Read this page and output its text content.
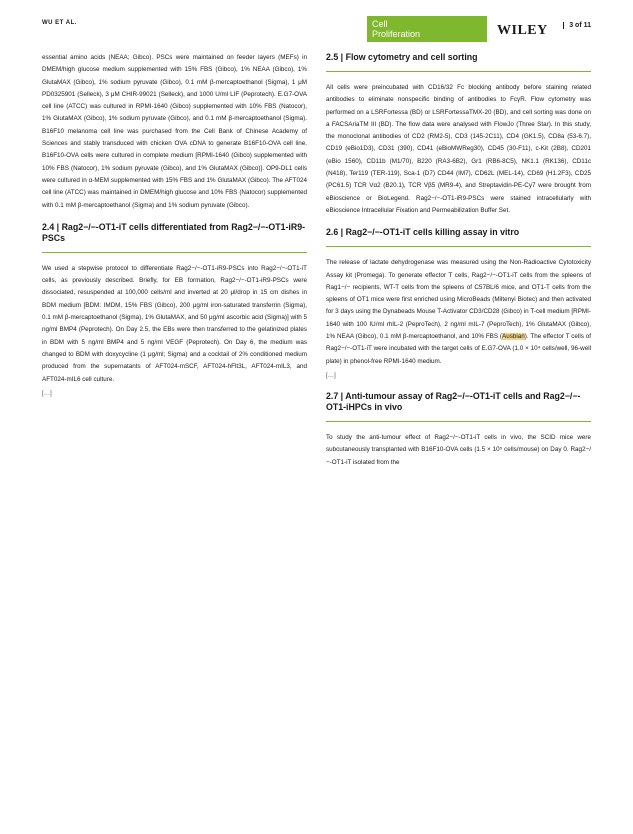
WU ET AL.	Cell
Proliferation	WILEY	3 of 11

essential amino acids (NEAA; Gibco). PSCs were maintained on feeder layers (MEFs) in DMEM/high glucose medium supplemented with 15% FBS (Gibco), 1% NEAA (Gibco), 1% GlutaMAX (Gibco), 1% sodium pyruvate (Gibco), 0.1 mM β-mercaptoethanol (Sigma), 1 μM PD0325901 (Selleck), 3 μM CHIR-99021 (Selleck), and 1000 U/ml LIF (Peprotech). E.G7-OVA cell line (ATCC) was cultured in RPMI-1640 (Gibco) supplemented with 10% FBS (Natocor), 1% GlutaMAX (Gibco), 1% sodium pyruvate (Gibco), and 0.1 mM β-mercaptoethanol (Sigma). B16F10 melanoma cell line was purchased from the Cell Bank of Chinese Academy of Sciences and stably transduced with chicken OVA cDNA to generate B16F10-OVA cell line. B16F10-OVA cells were cultured in complete medium [RPMI-1640 (Gibco) supplemented with 10% FBS (Natocor), 1% sodium pyruvate (Gibco), and 1% GlutaMAX (Gibco)]. OP9-DL1 cells were cultured in α-MEM supplemented with 15% FBS and 1% GlutaMAX (Gibco). The AFT024 cell line (ATCC) was maintained in DMEM/high glucose and 10% FBS (Natocor) supplemented with 0.1 mM β-mercaptoethanol (Sigma) and 1% sodium pyruvate (Gibco).

2.4 | Rag2−/−-OT1-iT cells differentiated from Rag2−/−-OT1-iR9-PSCs

We used a stepwise protocol to differentiate Rag2−/−-OT1-iR9-PSCs into Rag2−/−-OT1-iT cells, as previously described. Briefly, for EB formation, Rag2−/−-OT1-iR9-PSCs were dissociated, resuspended at 100,000 cells/ml and inverted at 20 μl/drop in 15 cm dishes in BDM medium [BDM: IMDM, 15% FBS (Gibco), 200 μg/ml iron-saturated transferrin (Sigma), 0.1 mM β-mercaptoethanol (Sigma), 1% GlutaMAX, and 50 μg/ml ascorbic acid (Sigma)] with 5 ng/ml BMP4 (Peprotech). On Day 2.5, the EBs were then transferred to the gelatinized plates in BDM with 5 ng/ml BMP4 and 5 ng/ml VEGF (Peprotech). On Day 6, the medium was changed to BDM with doxycycline (1 μg/ml; Sigma) and a cocktail of 2% conditioned medium produced from the supernatants of AFT024-mSCF, AFT024-hFlt3L, AFT024-mIL3, and AFT024-mIL6 cell culture.

[…]
2.5 | Flow cytometry and cell sorting

All cells were preincubated with CD16/32 Fc blocking antibody before staining related antibodies to eliminate nonspecific binding of antibodies to FcγR. Flow cytometry was performed on a LSRFortessa (BD) or LSRFortessaTMX-20 (BD), and cell sorting was done on a FACSAriaTM III (BD). The flow data were analysed with FlowJo (Three Star). In this study, the monoclonal antibodies of CD2 (RM2-5), CD3 (145-2C11), CD4 (GK1.5), CD8a (53-6.7), CD19 (eBio1D3), CD31 (390), CD41 (eBioMWReg30), CD45 (30-F11), c-Kit (2B8), CD201 (eBio 1560), CD11b (M1/70), B220 (RA3-6B2), Gr1 (RB6-8C5), NK1.1 (RK136), CD11c (N418), Ter119 (TER-119), Sca-1 (D7) CD44 (IM7), CD62L (MEL-14), CD69 (H1.2F3), CD25 (PC61.5) TCR Vα2 (B20.1), TCR Vβ5 (MR9-4), and Streptavidin-PE-Cy7 were brought from eBioscience or BioLegend. Rag2−/−-OT1-iR9-PSCs were stained intracellularly with eBioscience Intracellular Fixation and Permeabilization Buffer Set.

2.6 | Rag2−/−-OT1-iT cells killing assay in vitro

The release of lactate dehydrogenase was measured using the Non-Radioactive Cytotoxicity Assay kit (Promega). To generate effector T cells, Rag2−/−-OT1-iT cells from the spleens of Rag1−/− recipients, WT-T cells from the spleens of C57BL/6 mice, and OT1-T cells from the spleens of OT1 mice were first enriched using MicroBeads (Miltenyi Biotec) and then activated for 3 days using the Dynabeads Mouse T-Activator CD3/CD28 (Gibco) in T-cell medium [RPMI-1640 with 100 IU/ml rhIL-2 (PeproTech), 2 ng/ml mIL-7 (PeproTech), 1% GlutaMAX (Gibco), 1% NEAA (Gibco), 0.1 mM β-mercaptoethanol, and 10% FBS (Ausbian). The effector T cells of Rag2−/−-OT1-iT were incubated with the target cells of E.G7-OVA (1.0 × 10⁴ cells/well, 96-well plate) in phenol-free RPMI-1640 medium.

[…]
2.7 | Anti-tumour assay of Rag2−/−-OT1-iT cells and Rag2−/−-OT1-iHPCs in vivo

To study the anti-tumour effect of Rag2−/−-OT1-iT cells in vivo, the SCID mice were subcutaneously transplanted with B16F10-OVA cells (1.5 × 10⁵ cells/mouse) on Day 0. Rag2−/−-OT1-iT isolated from the
